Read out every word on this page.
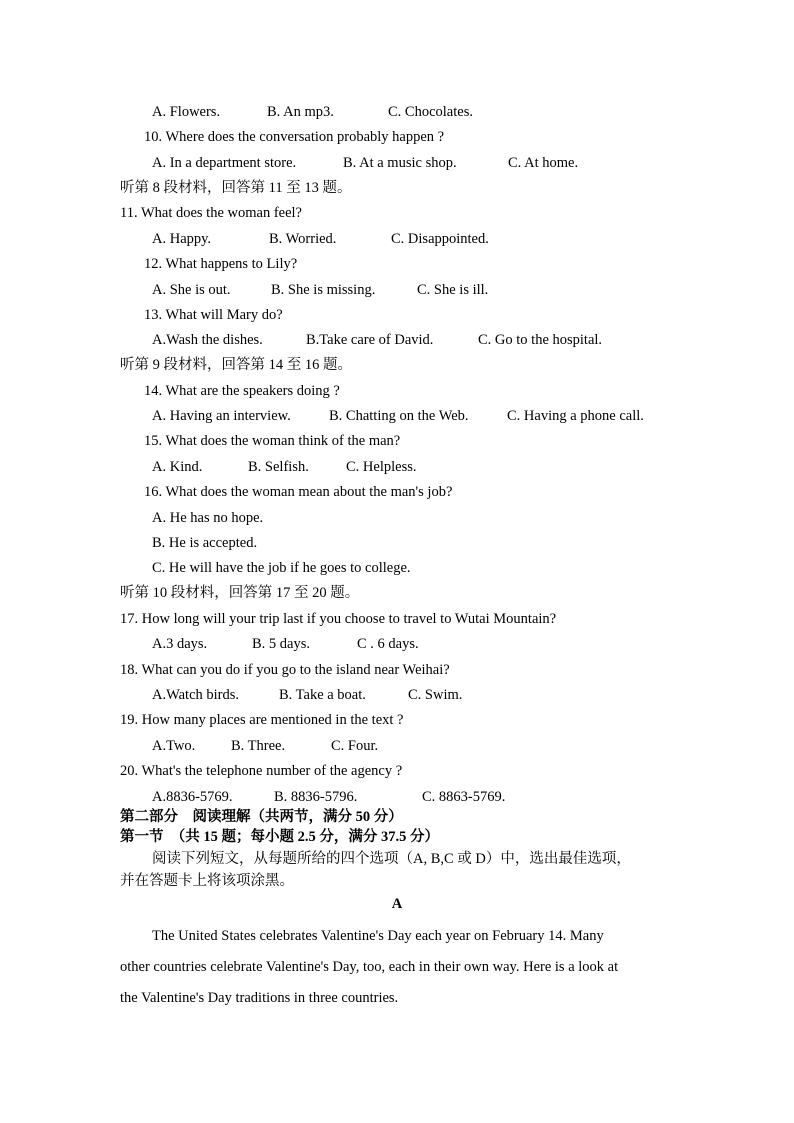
A. Flowers.	B. An mp3.	C. Chocolates.
10. Where does the conversation probably happen ?
A. In a department store.	B. At a music shop.	C. At home.
听第 8 段材料，回答第 11 至 13 题。
11. What does the woman feel?
A. Happy.	B. Worried.	C. Disappointed.
12. What happens to Lily?
A. She is out.	B. She is missing.	C. She is ill.
13. What will Mary do?
A.Wash the dishes.	B.Take care of David.	C. Go to the hospital.
听第 9 段材料，回答第 14 至 16 题。
14. What are the speakers doing ?
A. Having an interview.	B. Chatting on the Web.	C. Having a phone call.
15. What does the woman think of the man?
A. Kind.	B. Selfish.	C. Helpless.
16. What does the woman mean about the man's job?
A. He has no hope.
B. He is accepted.
C. He will have the job if he goes to college.
听第 10 段材料，回答第 17 至 20 题。
17. How long will your trip last if you choose to travel to Wutai Mountain?
A.3 days.	B. 5 days.	C . 6 days.
18. What can you do if you go to the island near Weihai?
A.Watch birds.	B. Take a boat.	C. Swim.
19. How many places are mentioned in the text ?
A.Two. B. Three.	C. Four.
20. What's the telephone number of the agency ?
A.8836-5769.	B. 8836-5796.	C. 8863-5769.
第二部分　阅读理解（共两节，满分 50 分）
第一节　（共 15 题；每小题 2.5 分，满分 37.5 分）
阅读下列短文，从每题所给的四个选项（A, B,C 或 D）中，选出最佳选项，
并在答题卡上将该项涂黑。
A
The United States celebrates Valentine's Day each year on February 14. Many
other countries celebrate Valentine's Day, too, each in their own way. Here is a look at
the Valentine's Day traditions in three countries.
